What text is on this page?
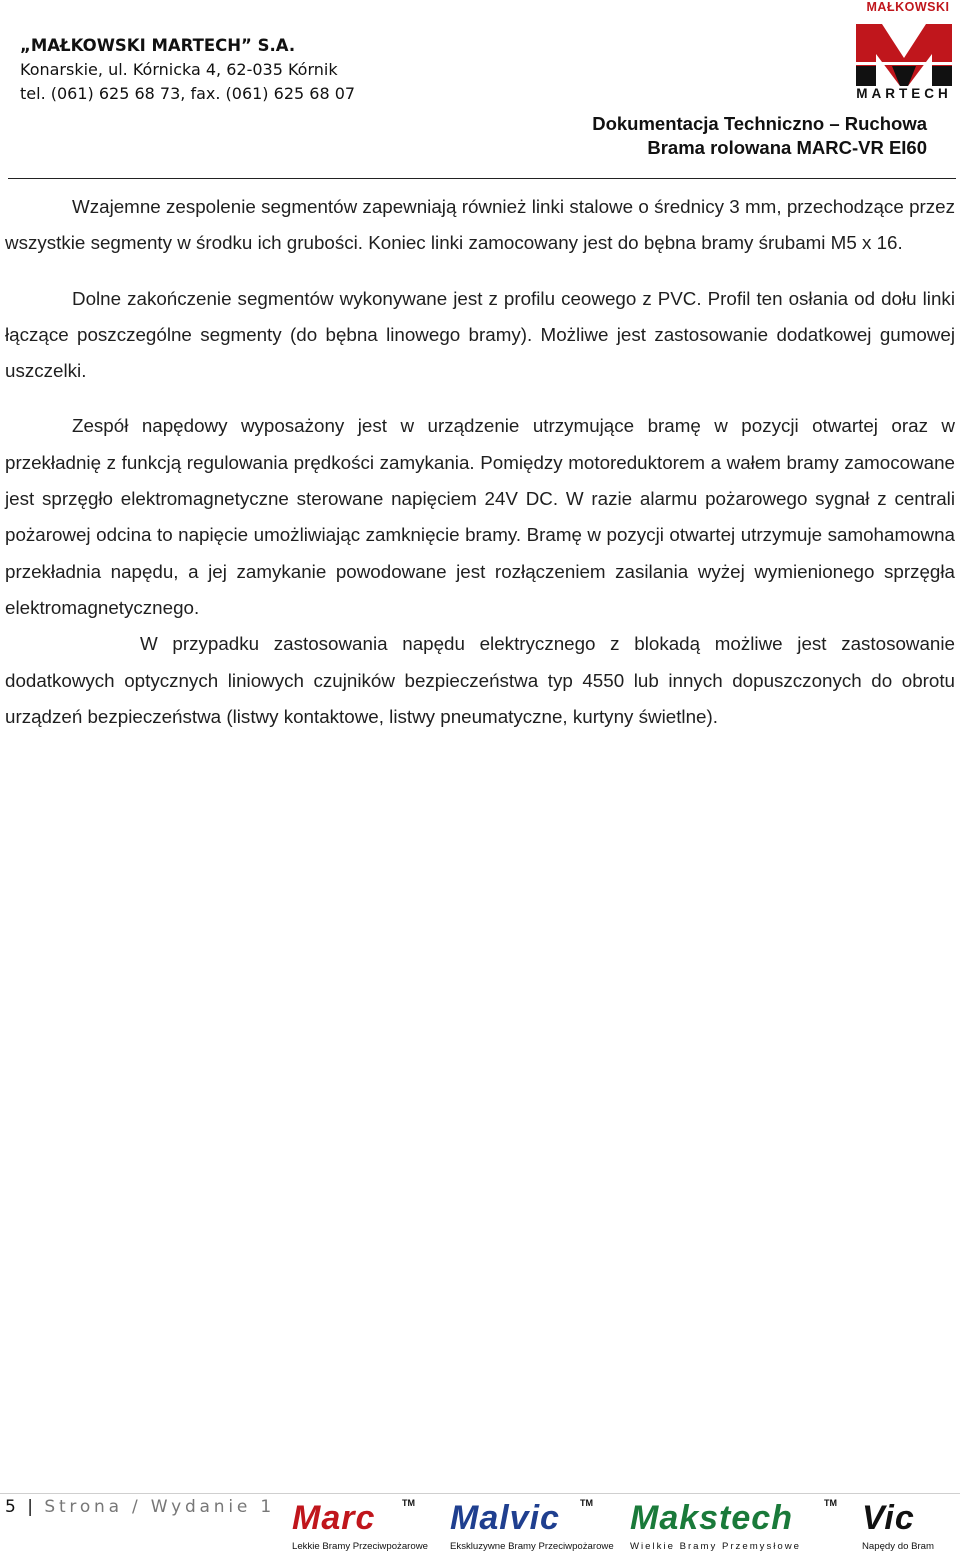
„MAŁKOWSKI MARTECH” S.A.
Konarskie, ul. Kórnicka 4, 62-035 Kórnik
tel. (061) 625 68 73, fax. (061) 625 68 07
MAŁKOWSKI
MARTECH
Dokumentacja Techniczno – Ruchowa
Brama rolowana MARC-VR EI60

Wzajemne zespolenie segmentów zapewniają również linki stalowe o średnicy 3 mm, przechodzące przez wszystkie segmenty w środku ich grubości. Koniec linki zamocowany jest do bębna bramy śrubami M5 x 16.

Dolne zakończenie segmentów wykonywane jest z profilu ceowego z PVC. Profil ten osłania od dołu linki łączące poszczególne segmenty (do bębna linowego bramy). Możliwe jest zastosowanie dodatkowej gumowej uszczelki.

Zespół napędowy wyposażony jest w urządzenie utrzymujące bramę w pozycji otwartej oraz w przekładnię z funkcją regulowania prędkości zamykania. Pomiędzy motoreduktorem a wałem bramy zamocowane jest sprzęgło elektromagnetyczne sterowane napięciem 24V DC. W razie alarmu pożarowego sygnał z centrali pożarowej odcina to napięcie umożliwiając zamknięcie bramy. Bramę w pozycji otwartej utrzymuje samohamowna przekładnia napędu, a jej zamykanie powodowane jest rozłączeniem zasilania wyżej wymienionego sprzęgła elektromagnetycznego.

W przypadku zastosowania napędu elektrycznego z blokadą możliwe jest zastosowanie dodatkowych optycznych liniowych czujników bezpieczeństwa typ 4550 lub innych dopuszczonych do obrotu urządzeń bezpieczeństwa (listwy kontaktowe, listwy pneumatyczne, kurtyny świetlne).

5 | Strona / Wydanie 1 Marc	TM
Lekkie Bramy Przeciwpożarowe
Malvic TM
Ekskluzywne Bramy Przeciwpożarowe
Makstech	TM
Wielkie Bramy Przemysłowe
Vic
Napędy do Bram
